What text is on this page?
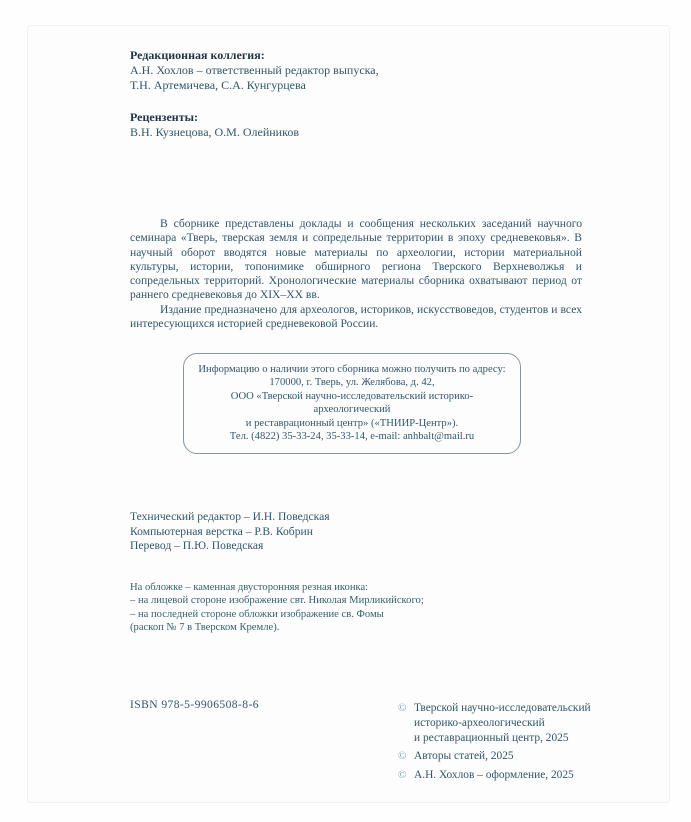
Редакционная коллегия:
А.Н. Хохлов – ответственный редактор выпуска,
Т.Н. Артемичева, С.А. Кунгурцева
Рецензенты:
В.Н. Кузнецова, О.М. Олейников

В сборнике представлены доклады и сообщения нескольких заседаний научного семинара «Тверь, тверская земля и сопредельные территории в эпоху средневековья». В научный оборот вводятся новые материалы по археологии, истории материальной культуры, истории, топонимике обширного региона Тверского Верхневолжья и сопредельных территорий. Хронологические материалы сборника охватывают период от раннего средневековья до XIX–XX вв.

Издание предназначено для археологов, историков, искусствоведов, студентов и всех интересующихся историей средневековой России.

Информацию о наличии этого сборника можно получить по адресу:
170000, г. Тверь, ул. Желябова, д. 42,
ООО «Тверской научно-исследовательский историко-археологический
и реставрационный центр» («ТНИИР-Центр»).
Тел. (4822) 35-33-24, 35-33-14, e-mail: anhbalt@mail.ru
Технический редактор – И.Н. Поведская
Компьютерная верстка – Р.В. Кобрин
Перевод – П.Ю. Поведская
На обложке – каменная двусторонняя резная иконка:
– на лицевой стороне изображение свт. Николая Мирликийского;
– на последней стороне обложки изображение св. Фомы
(раскоп № 7 в Тверском Кремле).
ISBN 978-5-9906508-8-6	© Тверской научно-исследовательский
историко-археологический
и реставрационный центр, 2025
© Авторы статей, 2025
© А.Н. Хохлов – оформление, 2025
